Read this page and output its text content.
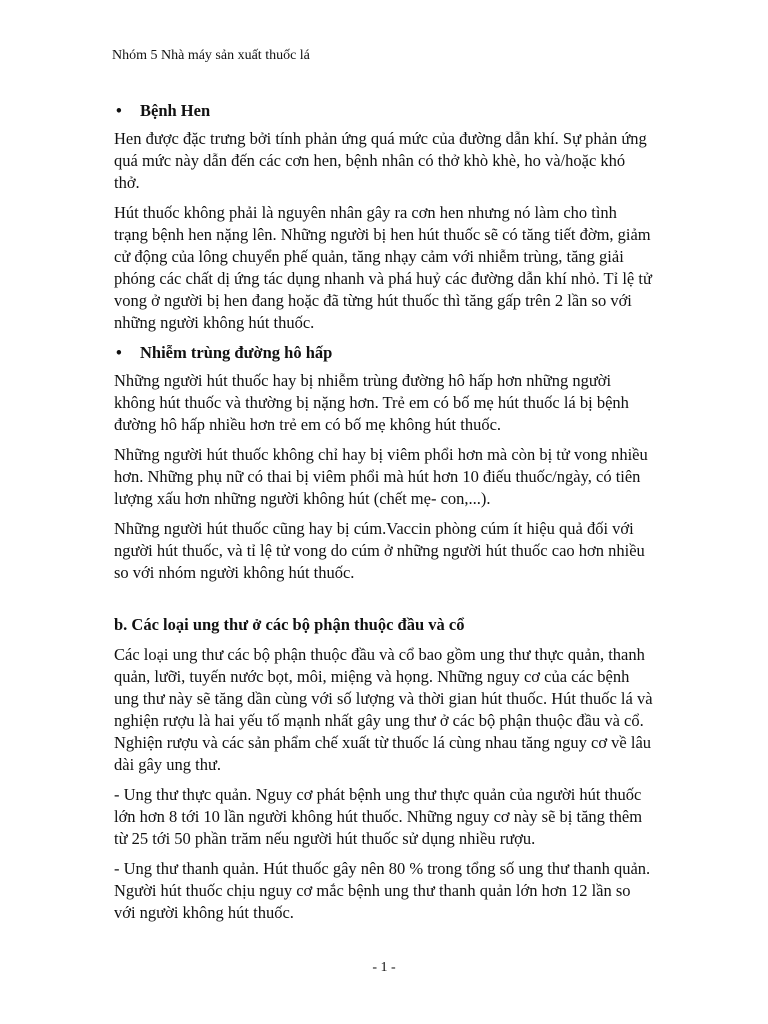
Nhóm 5 Nhà máy sản xuất thuốc lá
•	Bệnh Hen

Hen được đặc trưng bởi tính phản ứng quá mức của đường dẫn khí. Sự phản ứng quá mức này dẫn đến các cơn hen, bệnh nhân có thở khò khè, ho và/hoặc khó thở.

Hút thuốc không phải là nguyên nhân gây ra cơn hen nhưng nó làm cho tình trạng bệnh hen nặng lên. Những người bị hen hút thuốc sẽ có tăng tiết đờm, giảm cử động của lông chuyển phế quản, tăng nhạy cảm với nhiễm trùng, tăng giải phóng các chất dị ứng tác dụng nhanh và phá huỷ các đường dẫn khí nhỏ. Tỉ lệ tử vong ở người bị hen đang hoặc đã từng hút thuốc thì tăng gấp trên 2 lần so với những người không hút thuốc.

•	Nhiễm trùng đường hô hấp

Những người hút thuốc hay bị nhiễm trùng đường hô hấp hơn những người không hút thuốc và thường bị nặng hơn. Trẻ em có bố mẹ hút thuốc lá bị bệnh đường hô hấp nhiều hơn trẻ em có bố mẹ không hút thuốc.

Những người hút thuốc không chỉ hay bị viêm phổi hơn mà còn bị tử vong nhiều hơn. Những phụ nữ có thai bị viêm phổi mà hút hơn 10 điếu thuốc/ngày, có tiên lượng xấu hơn những người không hút (chết mẹ- con,...).

Những người hút thuốc cũng hay bị cúm.Vaccin phòng cúm ít hiệu quả đối với người hút thuốc, và tỉ lệ tử vong do cúm ở những người hút thuốc cao hơn nhiều so với nhóm người không hút thuốc.

b. Các loại ung thư ở các bộ phận thuộc đầu và cổ

Các loại ung thư các bộ phận thuộc đầu và cổ bao gồm ung thư thực quản, thanh quản, lưỡi, tuyến nước bọt, môi, miệng và họng. Những nguy cơ của các bệnh ung thư này sẽ tăng dần cùng với số lượng và thời gian hút thuốc. Hút thuốc lá và nghiện rượu là hai yếu tố mạnh nhất gây ung thư ở các bộ phận thuộc đầu và cổ. Nghiện rượu và các sản phẩm chế xuất từ thuốc lá cùng nhau tăng nguy cơ về lâu dài gây ung thư.

- Ung thư thực quản. Nguy cơ phát bệnh ung thư thực quản của người hút thuốc lớn hơn 8 tới 10 lần người không hút thuốc. Những nguy cơ này sẽ bị tăng thêm từ 25 tới 50 phần trăm nếu người hút thuốc sử dụng nhiều rượu.

- Ung thư thanh quản. Hút thuốc gây nên 80 % trong tổng số ung thư thanh quản. Người hút thuốc chịu nguy cơ mắc bệnh ung thư thanh quản lớn hơn 12 lần so với người không hút thuốc.

- 1 -
